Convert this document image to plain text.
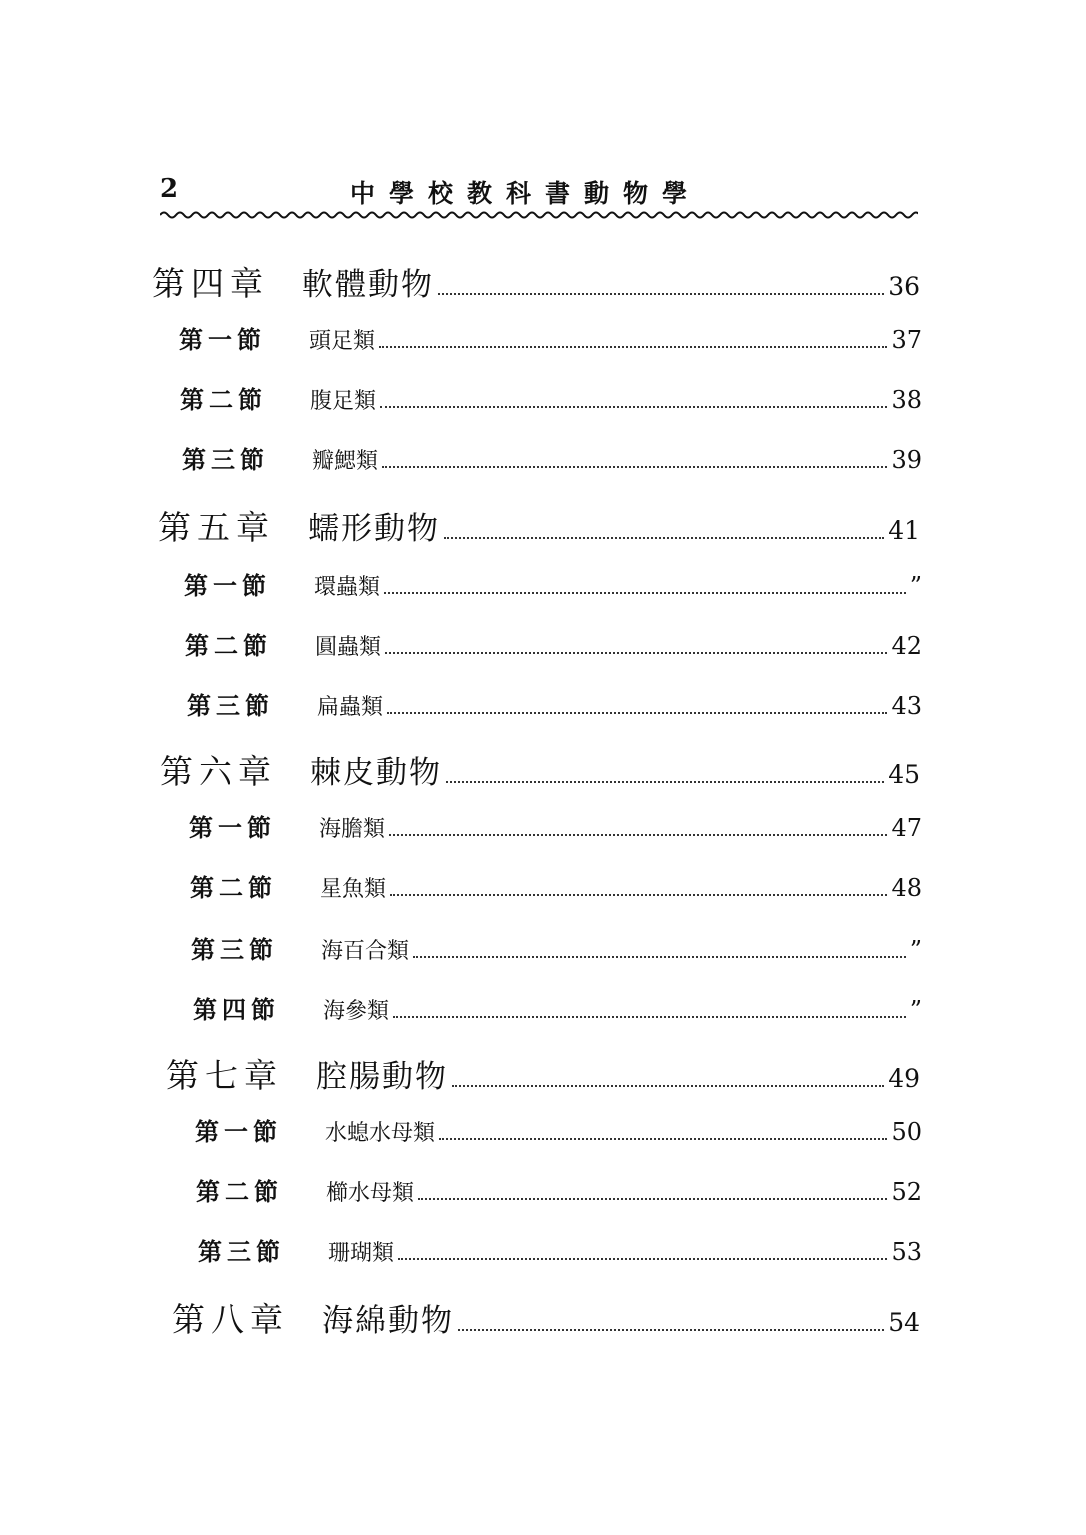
2	中學校教科書動物學
第四章	軟體動物	36
第一節	頭足類	37
第二節	腹足類	38
第三節	瓣鰓類	39
第五章	蠕形動物	41
第一節	環蟲類	”
第二節	圓蟲類	42
第三節	扁蟲類	43
第六章	棘皮動物	45
第一節	海膽類	47
第二節	星魚類	48
第三節	海百合類	”
第四節	海參類	”
第七章	腔腸動物	49
第一節	水螅水母類	50
第二節	櫛水母類	52
第三節	珊瑚類	53
第八章	海綿動物	54
